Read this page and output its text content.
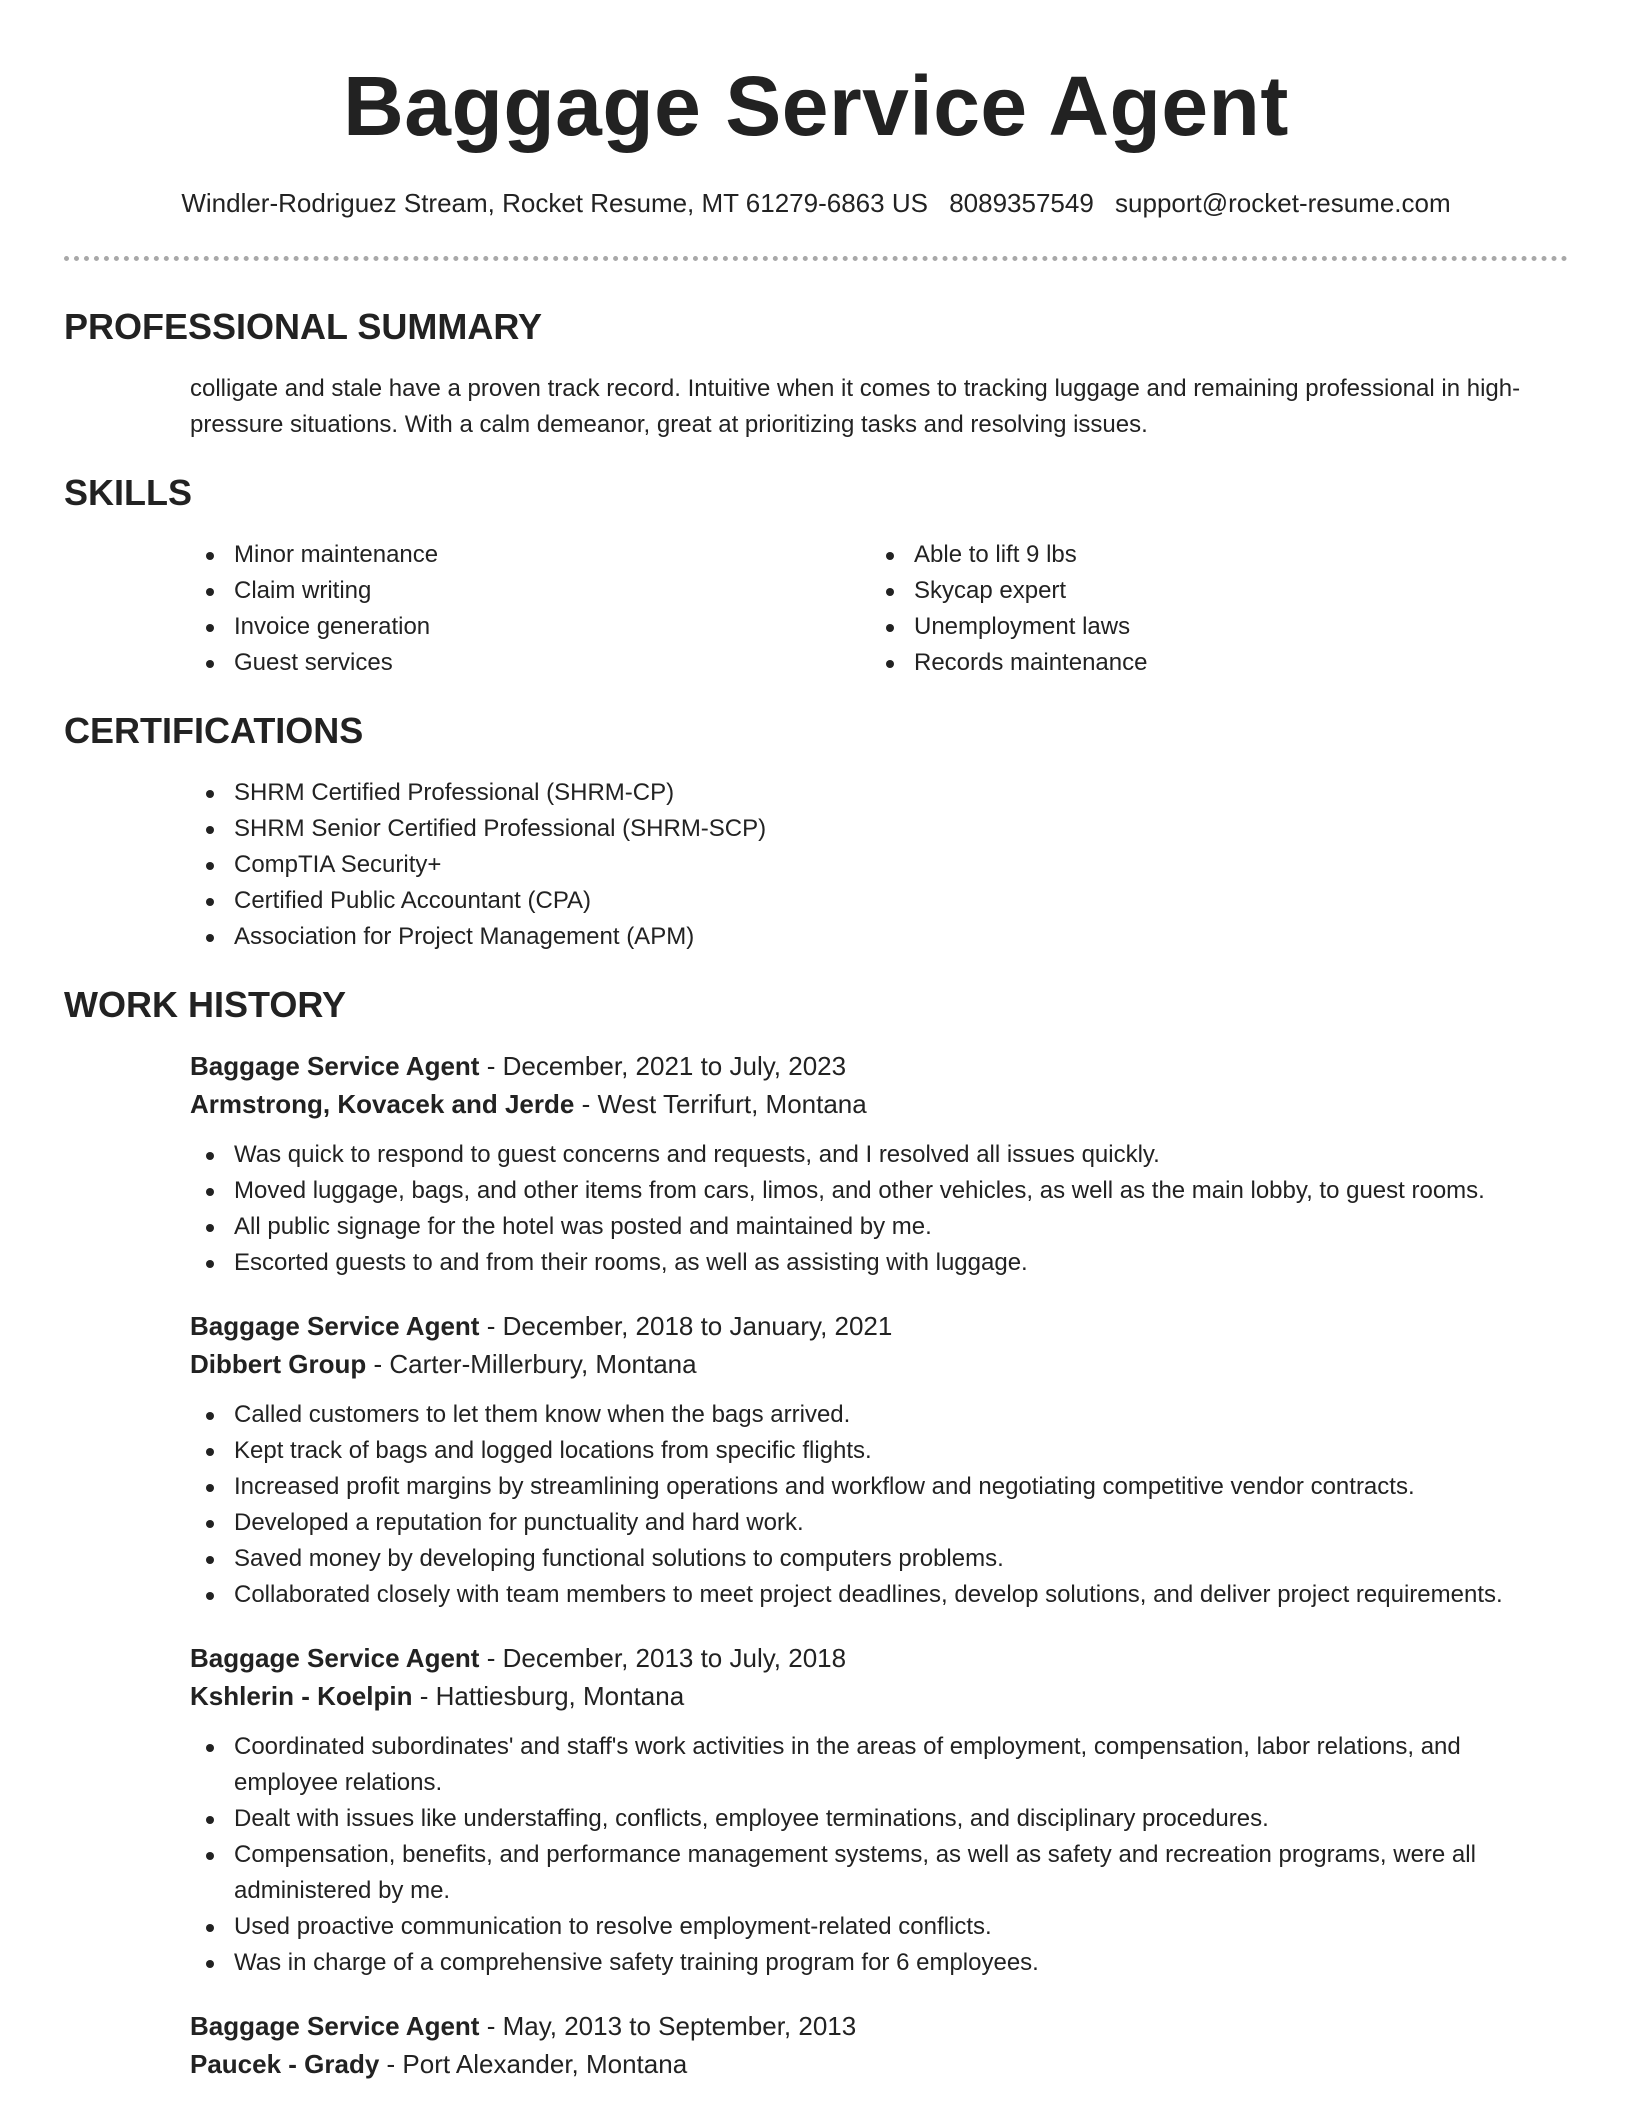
Baggage Service Agent
Windler-Rodriguez Stream, Rocket Resume, MT 61279-6863 US 8089357549 support@rocket-resume.com
PROFESSIONAL SUMMARY
colligate and stale have a proven track record. Intuitive when it comes to tracking luggage and remaining professional in high-pressure situations. With a calm demeanor, great at prioritizing tasks and resolving issues.
SKILLS
Minor maintenance
Claim writing
Invoice generation
Guest services
Able to lift 9 lbs
Skycap expert
Unemployment laws
Records maintenance
CERTIFICATIONS
SHRM Certified Professional (SHRM-CP)
SHRM Senior Certified Professional (SHRM-SCP)
CompTIA Security+
Certified Public Accountant (CPA)
Association for Project Management (APM)
WORK HISTORY
Baggage Service Agent - December, 2021 to July, 2023
Armstrong, Kovacek and Jerde - West Terrifurt, Montana
Was quick to respond to guest concerns and requests, and I resolved all issues quickly.
Moved luggage, bags, and other items from cars, limos, and other vehicles, as well as the main lobby, to guest rooms.
All public signage for the hotel was posted and maintained by me.
Escorted guests to and from their rooms, as well as assisting with luggage.
Baggage Service Agent - December, 2018 to January, 2021
Dibbert Group - Carter-Millerbury, Montana
Called customers to let them know when the bags arrived.
Kept track of bags and logged locations from specific flights.
Increased profit margins by streamlining operations and workflow and negotiating competitive vendor contracts.
Developed a reputation for punctuality and hard work.
Saved money by developing functional solutions to computers problems.
Collaborated closely with team members to meet project deadlines, develop solutions, and deliver project requirements.
Baggage Service Agent - December, 2013 to July, 2018
Kshlerin - Koelpin - Hattiesburg, Montana
Coordinated subordinates' and staff's work activities in the areas of employment, compensation, labor relations, and employee relations.
Dealt with issues like understaffing, conflicts, employee terminations, and disciplinary procedures.
Compensation, benefits, and performance management systems, as well as safety and recreation programs, were all administered by me.
Used proactive communication to resolve employment-related conflicts.
Was in charge of a comprehensive safety training program for 6 employees.
Baggage Service Agent - May, 2013 to September, 2013
Paucek - Grady - Port Alexander, Montana
